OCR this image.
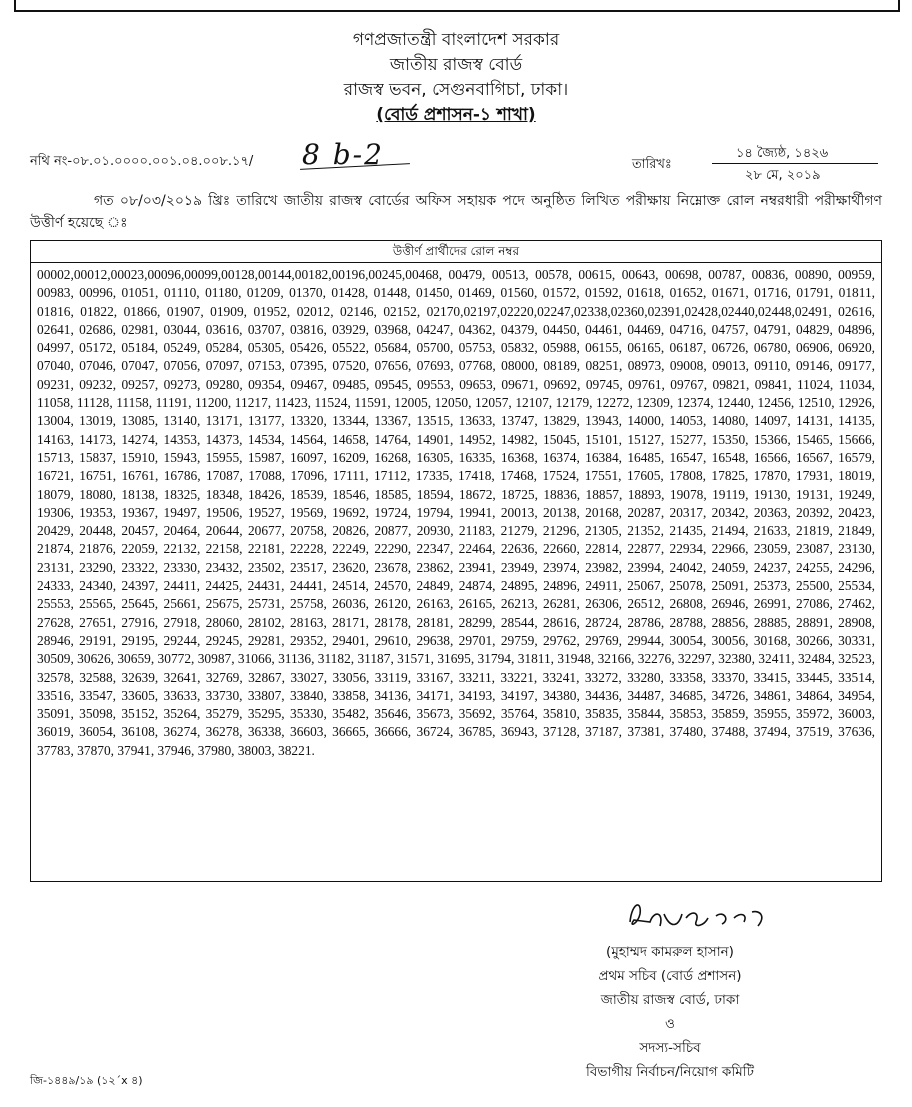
গণপ্রজাতন্ত্রী বাংলাদেশ সরকার
জাতীয় রাজস্ব বোর্ড
রাজস্ব ভবন, সেগুনবাগিচা, ঢাকা।
(বোর্ড প্রশাসন-১ শাখা)
নথি নং-০৮.০১.০০০০.০০১.০৪.০০৮.১৭/ 8 b-2	তারিখঃ
১৪ জ্যৈষ্ঠ, ১৪২৬
২৮ মে, ২০১৯
গত ০৮/০৩/২০১৯ খ্রিঃ তারিখে জাতীয় রাজস্ব বোর্ডের অফিস সহায়ক পদে অনুষ্ঠিত লিখিত পরীক্ষায় নিম্নোক্ত রোল নম্বরধারী পরীক্ষার্থীগণ উত্তীর্ণ হয়েছে ঃ
উত্তীর্ণ প্রার্থীদের রোল নম্বর
00002,00012,00023,00096,00099,00128,00144,00182,00196,00245,00468, 00479, 00513, 00578, 00615, 00643, 00698, 00787, 00836, 00890, 00959, 00983, 00996, 01051, 01110, 01180, 01209, 01370, 01428, 01448, 01450, 01469, 01560, 01572, 01592, 01618, 01652, 01671, 01716, 01791, 01811, 01816, 01822, 01866, 01907, 01909, 01952, 02012, 02146, 02152, 02170,02197,02220,02247,02338,02360,02391,02428,02440,02448,02491, 02616, 02641, 02686, 02981, 03044, 03616, 03707, 03816, 03929, 03968, 04247, 04362, 04379, 04450, 04461, 04469, 04716, 04757, 04791, 04829, 04896, 04997, 05172, 05184, 05249, 05284, 05305, 05426, 05522, 05684, 05700, 05753, 05832, 05988, 06155, 06165, 06187, 06726, 06780, 06906, 06920, 07040, 07046, 07047, 07056, 07097, 07153, 07395, 07520, 07656, 07693, 07768, 08000, 08189, 08251, 08973, 09008, 09013, 09110, 09146, 09177, 09231, 09232, 09257, 09273, 09280, 09354, 09467, 09485, 09545, 09553, 09653, 09671, 09692, 09745, 09761, 09767, 09821, 09841, 11024, 11034, 11058, 11128, 11158, 11191, 11200, 11217, 11423, 11524, 11591, 12005, 12050, 12057, 12107, 12179, 12272, 12309, 12374, 12440, 12456, 12510, 12926, 13004, 13019, 13085, 13140, 13171, 13177, 13320, 13344, 13367, 13515, 13633, 13747, 13829, 13943, 14000, 14053, 14080, 14097, 14131, 14135, 14163, 14173, 14274, 14353, 14373, 14534, 14564, 14658, 14764, 14901, 14952, 14982, 15045, 15101, 15127, 15277, 15350, 15366, 15465, 15666, 15713, 15837, 15910, 15943, 15955, 15987, 16097, 16209, 16268, 16305, 16335, 16368, 16374, 16384, 16485, 16547, 16548, 16566, 16567, 16579, 16721, 16751, 16761, 16786, 17087, 17088, 17096, 17111, 17112, 17335, 17418, 17468, 17524, 17551, 17605, 17808, 17825, 17870, 17931, 18019, 18079, 18080, 18138, 18325, 18348, 18426, 18539, 18546, 18585, 18594, 18672, 18725, 18836, 18857, 18893, 19078, 19119, 19130, 19131, 19249, 19306, 19353, 19367, 19497, 19506, 19527, 19569, 19692, 19724, 19794, 19941, 20013, 20138, 20168, 20287, 20317, 20342, 20363, 20392, 20423, 20429, 20448, 20457, 20464, 20644, 20677, 20758, 20826, 20877, 20930, 21183, 21279, 21296, 21305, 21352, 21435, 21494, 21633, 21819, 21849, 21874, 21876, 22059, 22132, 22158, 22181, 22228, 22249, 22290, 22347, 22464, 22636, 22660, 22814, 22877, 22934, 22966, 23059, 23087, 23130, 23131, 23290, 23322, 23330, 23432, 23502, 23517, 23620, 23678, 23862, 23941, 23949, 23974, 23982, 23994, 24042, 24059, 24237, 24255, 24296, 24333, 24340, 24397, 24411, 24425, 24431, 24441, 24514, 24570, 24849, 24874, 24895, 24896, 24911, 25067, 25078, 25091, 25373, 25500, 25534, 25553, 25565, 25645, 25661, 25675, 25731, 25758, 26036, 26120, 26163, 26165, 26213, 26281, 26306, 26512, 26808, 26946, 26991, 27086, 27462, 27628, 27651, 27916, 27918, 28060, 28102, 28163, 28171, 28178, 28181, 28299, 28544, 28616, 28724, 28786, 28788, 28856, 28885, 28891, 28908, 28946, 29191, 29195, 29244, 29245, 29281, 29352, 29401, 29610, 29638, 29701, 29759, 29762, 29769, 29944, 30054, 30056, 30168, 30266, 30331, 30509, 30626, 30659, 30772, 30987, 31066, 31136, 31182, 31187, 31571, 31695, 31794, 31811, 31948, 32166, 32276, 32297, 32380, 32411, 32484, 32523, 32578, 32588, 32639, 32641, 32769, 32867, 33027, 33056, 33119, 33167, 33211, 33221, 33241, 33272, 33280, 33358, 33370, 33415, 33445, 33514, 33516, 33547, 33605, 33633, 33730, 33807, 33840, 33858, 34136, 34171, 34193, 34197, 34380, 34436, 34487, 34685, 34726, 34861, 34864, 34954, 35091, 35098, 35152, 35264, 35279, 35295, 35330, 35482, 35646, 35673, 35692, 35764, 35810, 35835, 35844, 35853, 35859, 35955, 35972, 36003, 36019, 36054, 36108, 36274, 36278, 36338, 36603, 36665, 36666, 36724, 36785, 36943, 37128, 37187, 37381, 37480, 37488, 37494, 37519, 37636, 37783, 37870, 37941, 37946, 37980, 38003, 38221.
(মুহাম্মদ কামরুল হাসান)
প্রথম সচিব (বোর্ড প্রশাসন)
জাতীয় রাজস্ব বোর্ড, ঢাকা
ও
সদস্য-সচিব
বিভাগীয় নির্বাচন/নিয়োগ কমিটি
জি-১৪৪৯/১৯ (১২´x ৪)
